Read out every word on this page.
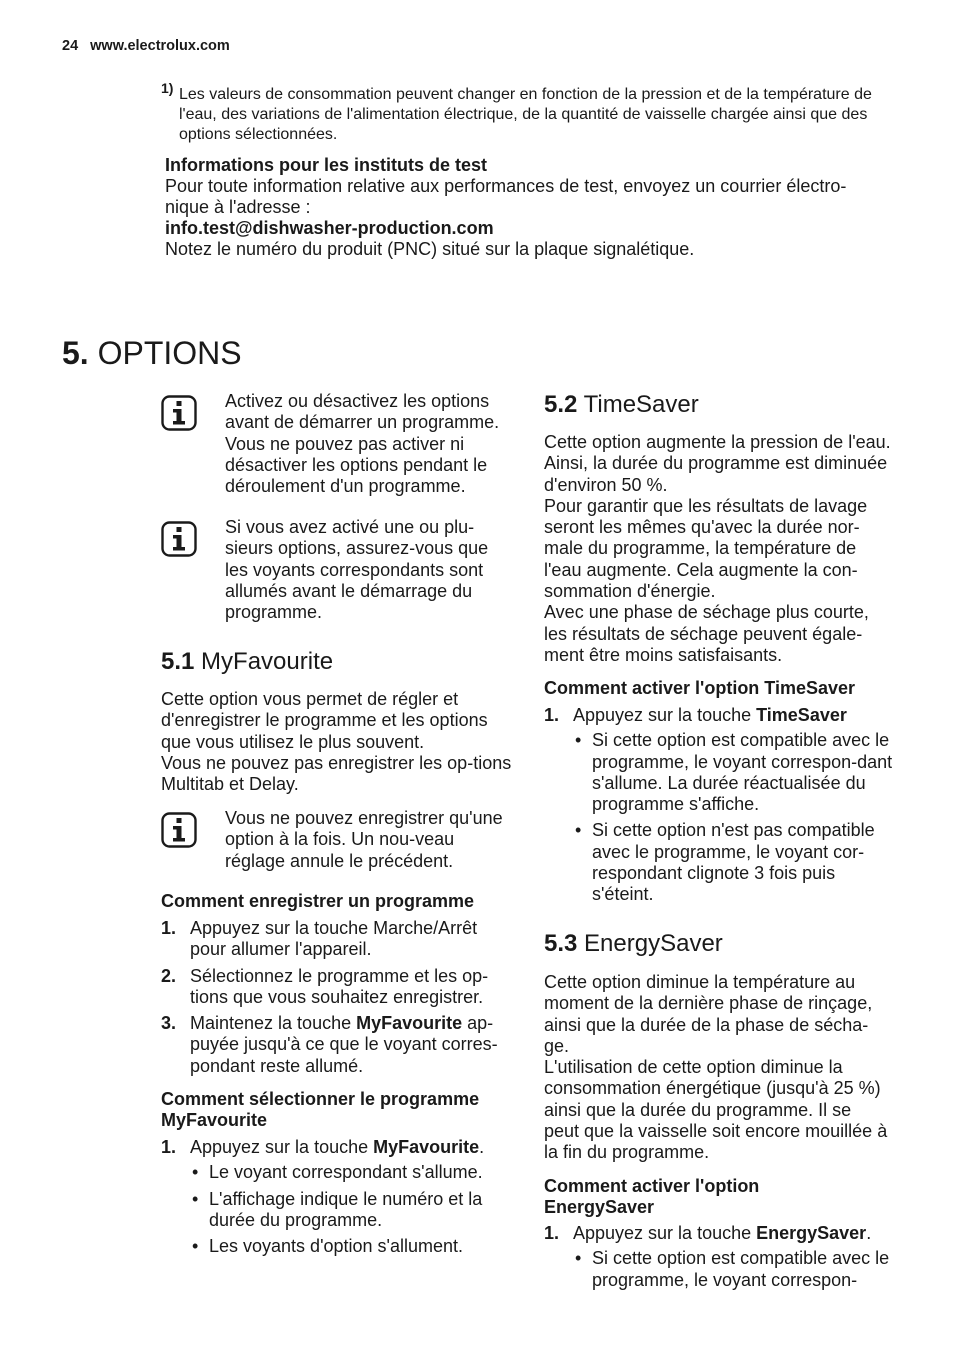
24 www.electrolux.com
1) Les valeurs de consommation peuvent changer en fonction de la pression et de la température de l'eau, des variations de l'alimentation électrique, de la quantité de vaisselle chargée ainsi que des options sélectionnées.
Informations pour les instituts de test
Pour toute information relative aux performances de test, envoyez un courrier électro-nique à l'adresse :
info.test@dishwasher-production.com
Notez le numéro du produit (PNC) situé sur la plaque signalétique.
5. OPTIONS
Activez ou désactivez les options avant de démarrer un programme. Vous ne pouvez pas activer ni désactiver les options pendant le déroulement d'un programme.
Si vous avez activé une ou plu-sieurs options, assurez-vous que les voyants correspondants sont allumés avant le démarrage du programme.
5.1 MyFavourite

Cette option vous permet de régler et d'enregistrer le programme et les options que vous utilisez le plus souvent.

Vous ne pouvez pas enregistrer les op-tions Multitab et Delay.

Vous ne pouvez enregistrer qu'une option à la fois. Un nou-veau réglage annule le précédent.
Comment enregistrer un programme
1. Appuyez sur la touche Marche/Arrêt pour allumer l'appareil.
2. Sélectionnez le programme et les op-tions que vous souhaitez enregistrer.
3. Maintenez la touche MyFavourite ap-puyée jusqu'à ce que le voyant corres-pondant reste allumé.
Comment sélectionner le programme MyFavourite
1. Appuyez sur la touche MyFavourite.
• Le voyant correspondant s'allume.
• L'affichage indique le numéro et la durée du programme.
• Les voyants d'option s'allument.
5.2 TimeSaver

Cette option augmente la pression de l'eau. Ainsi, la durée du programme est diminuée d'environ 50 %.

Pour garantir que les résultats de lavage seront les mêmes qu'avec la durée nor-male du programme, la température de l'eau augmente. Cela augmente la con-sommation d'énergie.

Avec une phase de séchage plus courte, les résultats de séchage peuvent égale-ment être moins satisfaisants.

Comment activer l'option TimeSaver
1. Appuyez sur la touche TimeSaver
• Si cette option est compatible avec le programme, le voyant correspon-dant s'allume. La durée réactualisée du programme s'affiche.
• Si cette option n'est pas compatible avec le programme, le voyant cor-respondant clignote 3 fois puis s'éteint.
5.3 EnergySaver

Cette option diminue la température au moment de la dernière phase de rinçage, ainsi que la durée de la phase de sécha-ge.

L'utilisation de cette option diminue la consommation énergétique (jusqu'à 25 %) ainsi que la durée du programme. Il se peut que la vaisselle soit encore mouillée à la fin du programme.

Comment activer l'option EnergySaver
1. Appuyez sur la touche EnergySaver.
• Si cette option est compatible avec le programme, le voyant correspon-
